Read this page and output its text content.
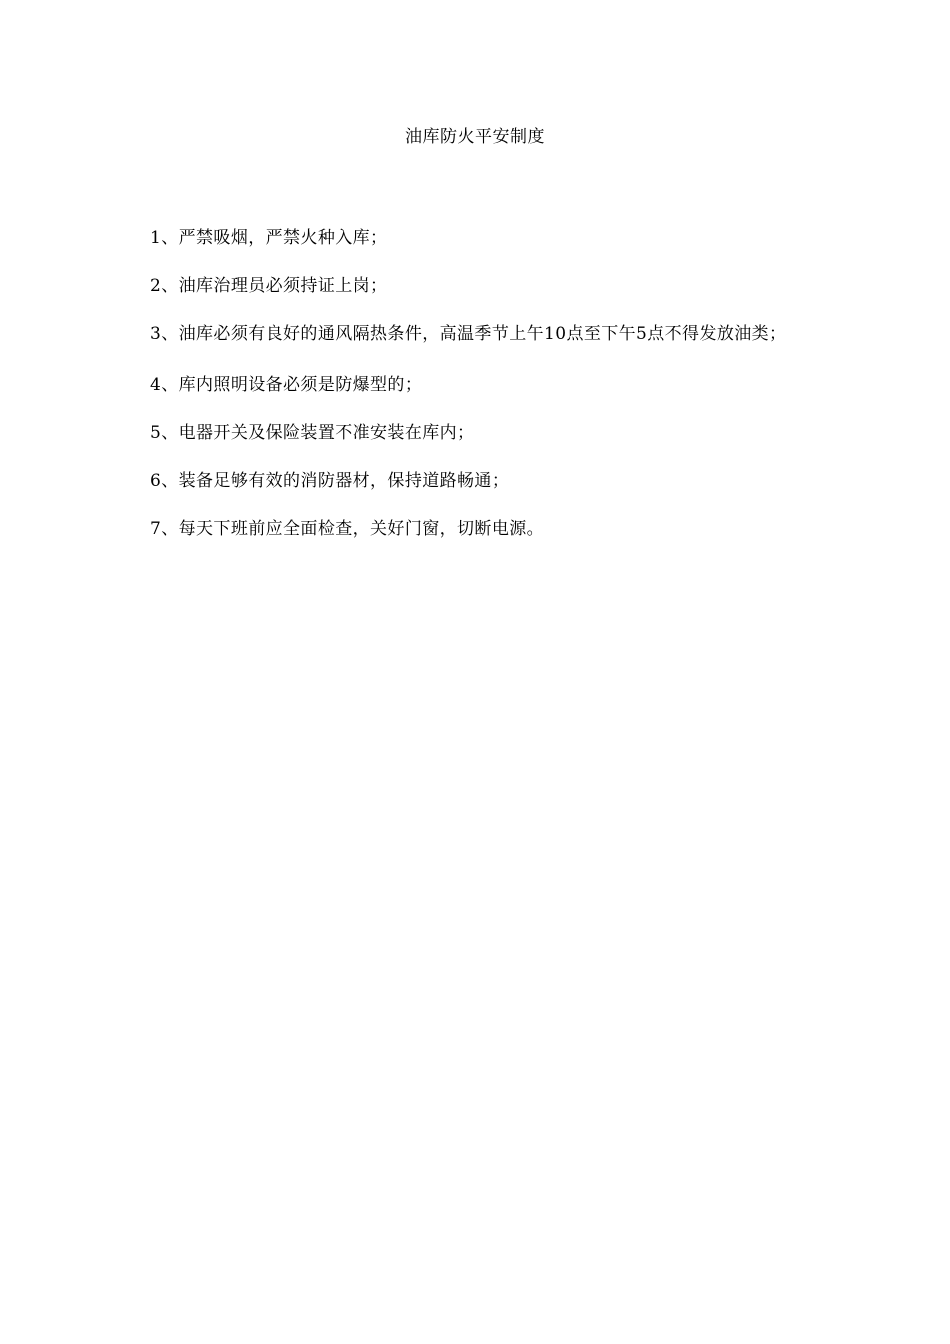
油库防火平安制度
1、严禁吸烟，严禁火种入库；
2、油库治理员必须持证上岗；
3、油库必须有良好的通风隔热条件，高温季节上午10点至下午5点不得发放油类；
4、库内照明设备必须是防爆型的；
5、电器开关及保险装置不准安装在库内；
6、装备足够有效的消防器材，保持道路畅通；
7、每天下班前应全面检查，关好门窗，切断电源。
